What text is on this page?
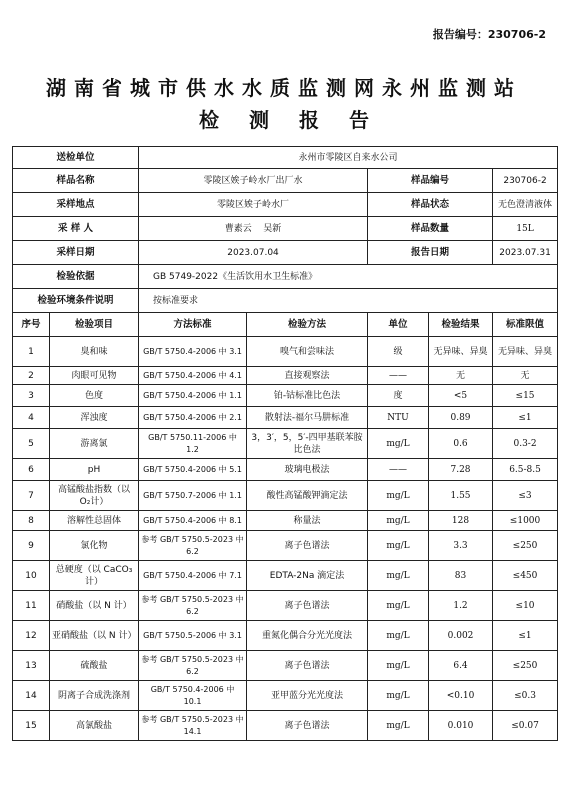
报告编号：230706-2
湖南省城市供水水质监测网永州监测站
检测报告
送检单位		永州市零陵区自来水公司				
样品名称		零陵区娭子岭水厂出厂水		样品编号		230706-2
采样地点		零陵区娭子岭水厂		样品状态		无色澄清液体
采 样 人		曹素云    吴新		样品数量		15L
采样日期		2023.07.04		报告日期		2023.07.31
检验依据		GB 5749-2022《生活饮用水卫生标准》				
检验环境条件说明		按标准要求				
序号	检验项目	方法标准	检验方法	单位	检验结果	标准限值
1	臭和味	GB/T 5750.4-2006 中 3.1	嗅气和尝味法	级	无异味、异臭	无异味、异臭
2	肉眼可见物	GB/T 5750.4-2006 中 4.1	直接观察法	——	无	无
3	色度	GB/T 5750.4-2006 中 1.1	铂-钴标准比色法	度	<5	≤15
4	浑浊度	GB/T 5750.4-2006 中 2.1	散射法-福尔马肼标准	NTU	0.89	≤1
5	游离氯	GB/T 5750.11-2006 中 1.2	3，3′，5，5′-四甲基联苯胺比色法	mg/L	0.6	0.3-2
6	pH	GB/T 5750.4-2006 中 5.1	玻璃电极法	——	7.28	6.5-8.5
7	高锰酸盐指数（以 O₂计）	GB/T 5750.7-2006 中 1.1	酸性高锰酸钾滴定法	mg/L	1.55	≤3
8	溶解性总固体	GB/T 5750.4-2006 中 8.1	称量法	mg/L	128	≤1000
9	氯化物	参考 GB/T 5750.5-2023 中 6.2	离子色谱法	mg/L	3.3	≤250
10	总硬度（以 CaCO₃计）	GB/T 5750.4-2006 中 7.1	EDTA-2Na 滴定法	mg/L	83	≤450
11	硝酸盐（以 N 计）	参考 GB/T 5750.5-2023 中 6.2	离子色谱法	mg/L	1.2	≤10
12	亚硝酸盐（以 N 计）	GB/T 5750.5-2006 中 3.1	重氮化偶合分光光度法	mg/L	0.002	≤1
13	硫酸盐	参考 GB/T 5750.5-2023 中 6.2	离子色谱法	mg/L	6.4	≤250
14	阴离子合成洗涤剂	GB/T 5750.4-2006 中 10.1	亚甲蓝分光光度法	mg/L	<0.10	≤0.3
15	高氯酸盐	参考 GB/T 5750.5-2023 中 14.1	离子色谱法	mg/L	0.010	≤0.07
